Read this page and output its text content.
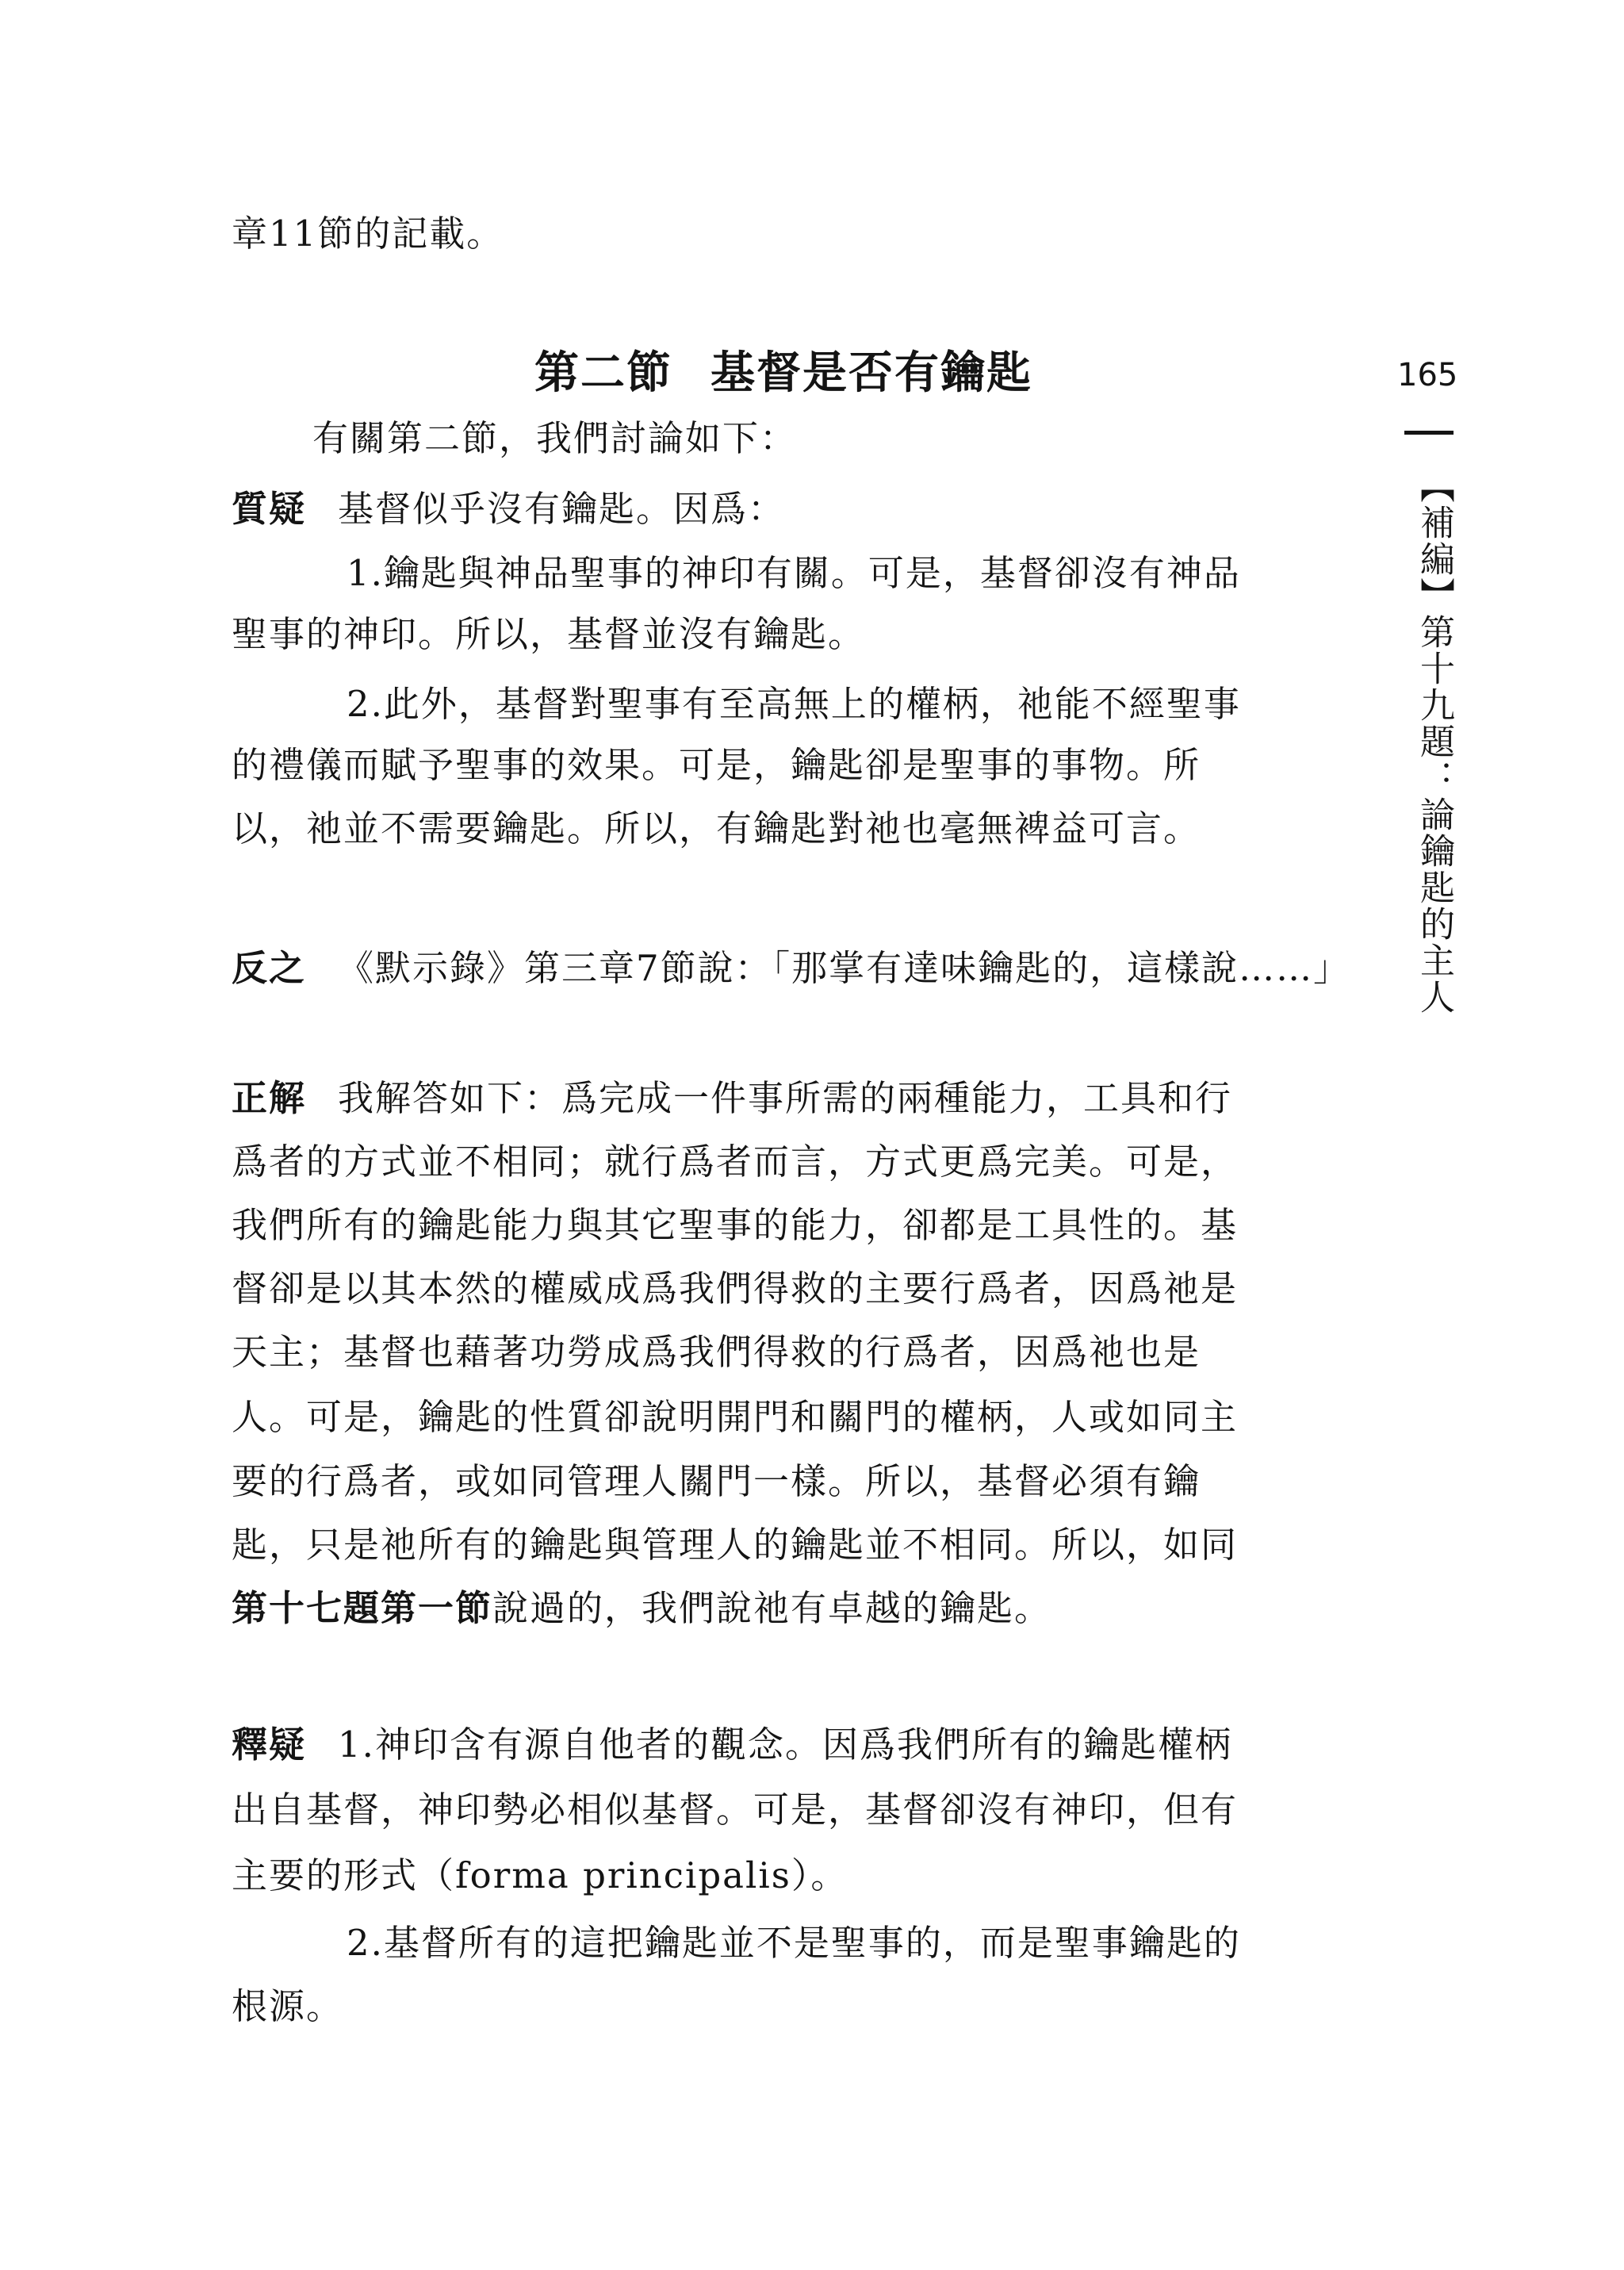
章11節的記載。
第二節 基督是否有鑰匙	165
【補編】第十九題：論鑰匙的主人
有關第二節，我們討論如下：
質疑 基督似乎沒有鑰匙。因爲：
1.鑰匙與神品聖事的神印有關。可是，基督卻沒有神品
聖事的神印。所以，基督並沒有鑰匙。
2.此外，基督對聖事有至高無上的權柄，祂能不經聖事
的禮儀而賦予聖事的效果。可是，鑰匙卻是聖事的事物。所
以，祂並不需要鑰匙。所以，有鑰匙對祂也毫無裨益可言。
反之 《默示錄》第三章7節說：「那掌有達味鑰匙的，這樣說……」
正解 我解答如下：爲完成一件事所需的兩種能力，工具和行
爲者的方式並不相同；就行爲者而言，方式更爲完美。可是，
我們所有的鑰匙能力與其它聖事的能力，卻都是工具性的。基
督卻是以其本然的權威成爲我們得救的主要行爲者，因爲祂是
天主；基督也藉著功勞成爲我們得救的行爲者，因爲祂也是
人。可是，鑰匙的性質卻說明開門和關門的權柄，人或如同主
要的行爲者，或如同管理人關門一樣。所以，基督必須有鑰
匙，只是祂所有的鑰匙與管理人的鑰匙並不相同。所以，如同
第十七題第一節說過的，我們說祂有卓越的鑰匙。
釋疑 1.神印含有源自他者的觀念。因爲我們所有的鑰匙權柄
出自基督，神印勢必相似基督。可是，基督卻沒有神印，但有
主要的形式（forma principalis）。
2.基督所有的這把鑰匙並不是聖事的，而是聖事鑰匙的
根源。
